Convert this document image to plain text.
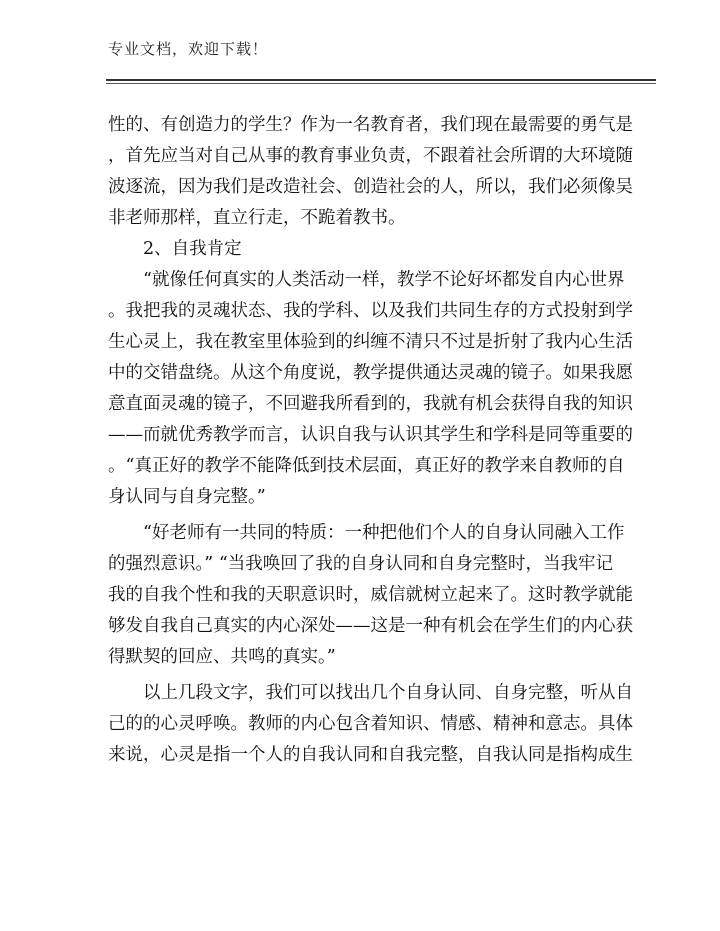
专业文档，欢迎下载！
性的、有创造力的学生？作为一名教育者，我们现在最需要的勇气是
，首先应当对自己从事的教育事业负责，不跟着社会所谓的大环境随
波逐流，因为我们是改造社会、创造社会的人，所以，我们必须像吴
非老师那样，直立行走，不跪着教书。
2、自我肯定
“就像任何真实的人类活动一样，教学不论好坏都发自内心世界
。我把我的灵魂状态、我的学科、以及我们共同生存的方式投射到学
生心灵上，我在教室里体验到的纠缠不清只不过是折射了我内心生活
中的交错盘绕。从这个角度说，教学提供通达灵魂的镜子。如果我愿
意直面灵魂的镜子，不回避我所看到的，我就有机会获得自我的知识
——而就优秀教学而言，认识自我与认识其学生和学科是同等重要的
。“真正好的教学不能降低到技术层面，真正好的教学来自教师的自
身认同与自身完整。”
“好老师有一共同的特质：一种把他们个人的自身认同融入工作
的强烈意识。” “当我唤回了我的自身认同和自身完整时，当我牢记
我的自我个性和我的天职意识时，威信就树立起来了。这时教学就能
够发自我自己真实的内心深处——这是一种有机会在学生们的内心获
得默契的回应、共鸣的真实。”
以上几段文字，我们可以找出几个自身认同、自身完整，听从自
己的的心灵呼唤。教师的内心包含着知识、情感、精神和意志。具体
来说，心灵是指一个人的自我认同和自我完整，自我认同是指构成生
